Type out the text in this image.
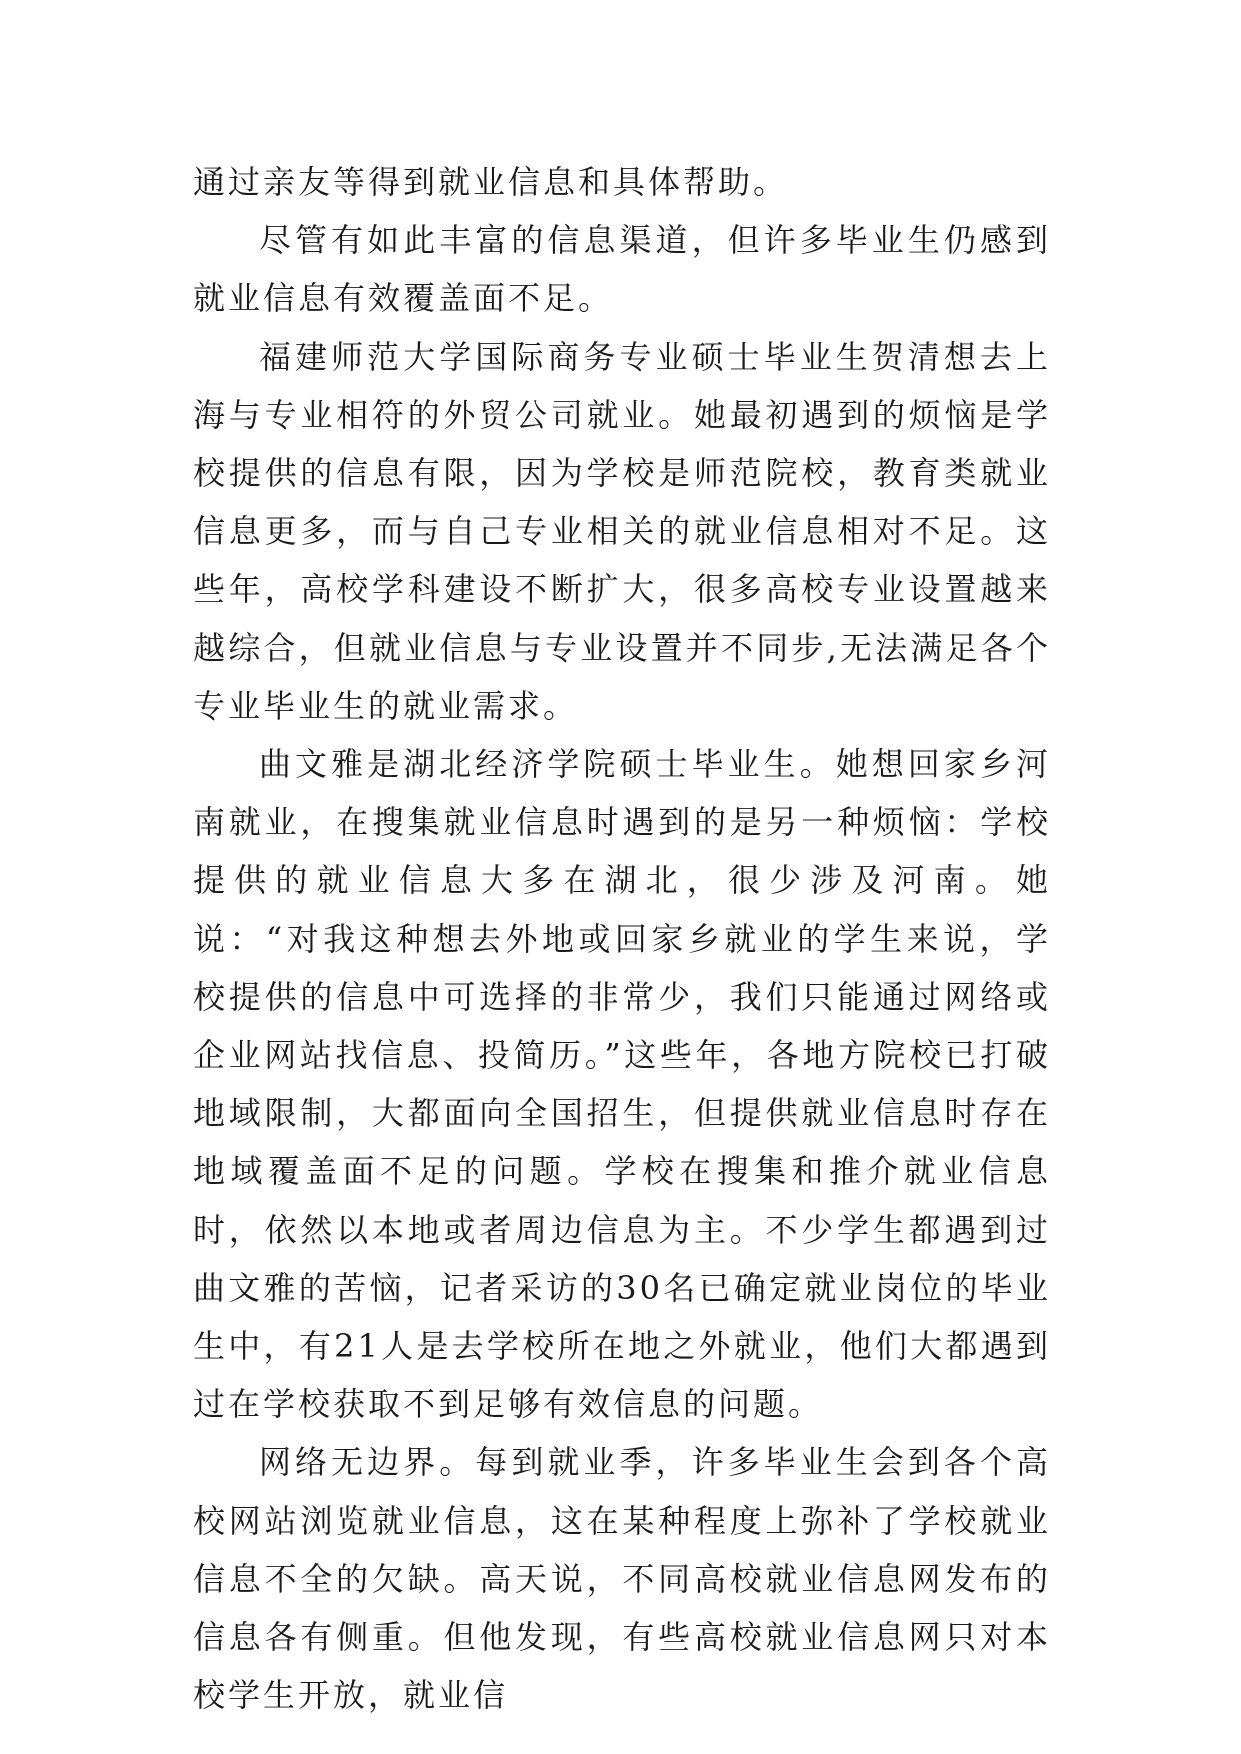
通过亲友等得到就业信息和具体帮助。

尽管有如此丰富的信息渠道，但许多毕业生仍感到就业信息有效覆盖面不足。

福建师范大学国际商务专业硕士毕业生贺清想去上海与专业相符的外贸公司就业。她最初遇到的烦恼是学校提供的信息有限，因为学校是师范院校，教育类就业信息更多，而与自己专业相关的就业信息相对不足。这些年，高校学科建设不断扩大，很多高校专业设置越来越综合，但就业信息与专业设置并不同步,无法满足各个专业毕业生的就业需求。

曲文雅是湖北经济学院硕士毕业生。她想回家乡河南就业，在搜集就业信息时遇到的是另一种烦恼：学校提供的就业信息大多在湖北，很少涉及河南。她说：“对我这种想去外地或回家乡就业的学生来说，学校提供的信息中可选择的非常少，我们只能通过网络或企业网站找信息、投简历。”这些年，各地方院校已打破地域限制，大都面向全国招生，但提供就业信息时存在地域覆盖面不足的问题。学校在搜集和推介就业信息时，依然以本地或者周边信息为主。不少学生都遇到过曲文雅的苦恼，记者采访的30名已确定就业岗位的毕业生中，有21人是去学校所在地之外就业，他们大都遇到过在学校获取不到足够有效信息的问题。

网络无边界。每到就业季，许多毕业生会到各个高校网站浏览就业信息，这在某种程度上弥补了学校就业信息不全的欠缺。高天说，不同高校就业信息网发布的信息各有侧重。但他发现，有些高校就业信息网只对本校学生开放，就业信
